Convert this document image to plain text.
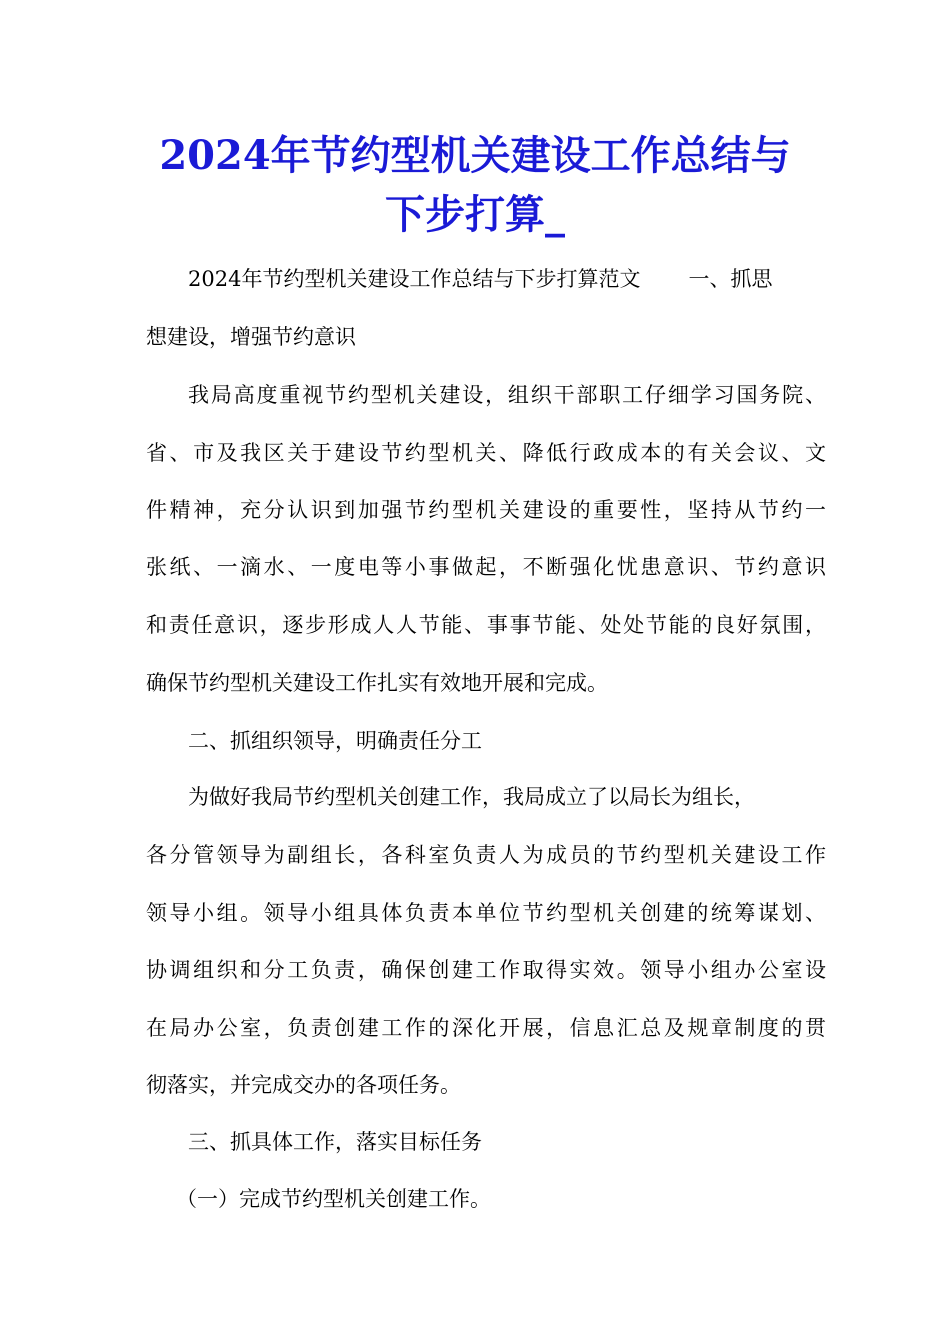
2024年节约型机关建设工作总结与
下步打算_

2024年节约型机关建设工作总结与下步打算范文 一、抓思

想建设，增强节约意识

我局高度重视节约型机关建设，组织干部职工仔细学习国务院、

省、市及我区关于建设节约型机关、降低行政成本的有关会议、文

件精神，充分认识到加强节约型机关建设的重要性，坚持从节约一

张纸、一滴水、一度电等小事做起，不断强化忧患意识、节约意识

和责任意识，逐步形成人人节能、事事节能、处处节能的良好氛围，

确保节约型机关建设工作扎实有效地开展和完成。

二、抓组织领导，明确责任分工

为做好我局节约型机关创建工作，我局成立了以局长为组长，

各分管领导为副组长，各科室负责人为成员的节约型机关建设工作

领导小组。领导小组具体负责本单位节约型机关创建的统筹谋划、

协调组织和分工负责，确保创建工作取得实效。领导小组办公室设

在局办公室，负责创建工作的深化开展，信息汇总及规章制度的贯

彻落实，并完成交办的各项任务。

三、抓具体工作，落实目标任务

（一）完成节约型机关创建工作。
